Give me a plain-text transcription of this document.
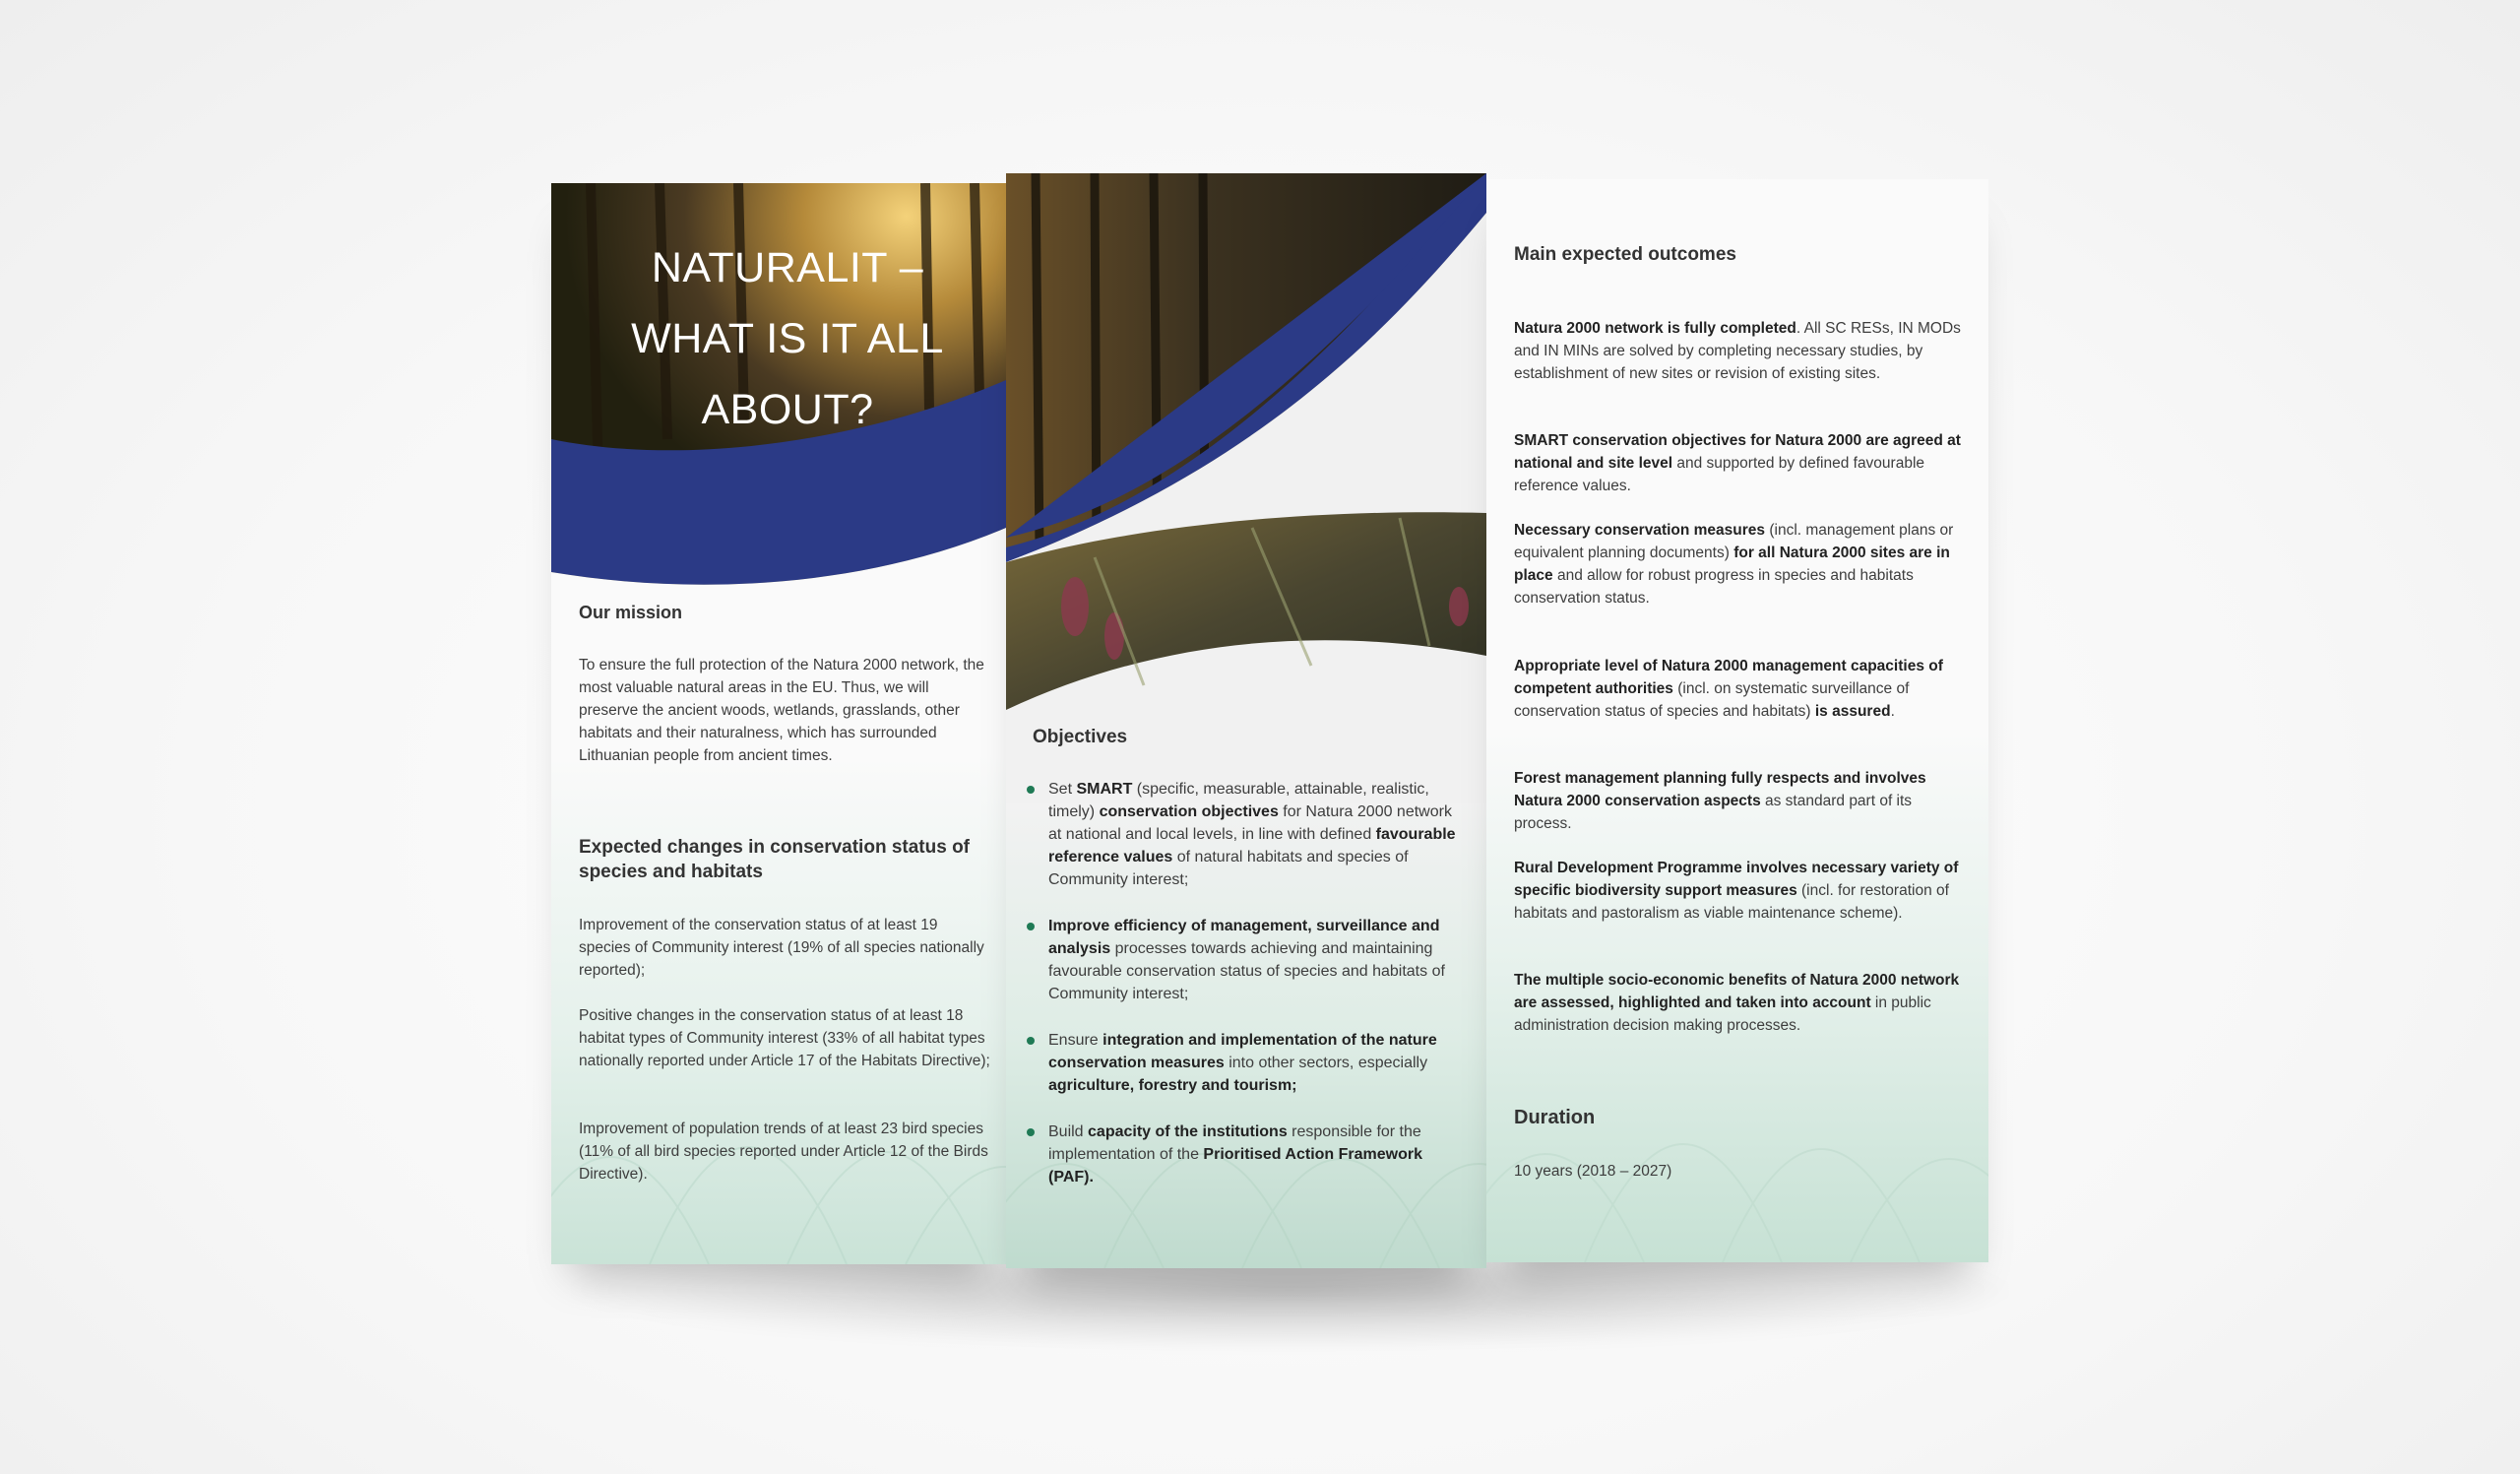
NATURALIT –
WHAT IS IT ALL
ABOUT?
Our mission
To ensure the full protection of the Natura 2000 network, the most valuable natural areas in the EU. Thus, we will preserve the ancient woods, wetlands, grasslands, other habitats and their naturalness, which has surrounded Lithuanian people from ancient times.
Expected changes in conservation status of species and habitats
Improvement of the conservation status of at least 19 species of Community interest (19% of all species nationally reported);
Positive changes in the conservation status of at least 18 habitat types of Community interest (33% of all habitat types nationally reported under Article 17 of the Habitats Directive);
Improvement of population trends of at least 23 bird species (11% of all bird species reported under Article 12 of the Birds Directive).
Objectives
Set SMART (specific, measurable, attainable, realistic, timely) conservation objectives for Natura 2000 network at national and local levels, in line with defined favourable reference values of natural habitats and species of Community interest;
Improve efficiency of management, surveillance and analysis processes towards achieving and maintaining favourable conservation status of species and habitats of Community interest;
Ensure integration and implementation of the nature conservation measures into other sectors, especially agriculture, forestry and tourism;
Build capacity of the institutions responsible for the implementation of the Prioritised Action Framework (PAF).
Main expected outcomes
Natura 2000 network is fully completed. All SC RESs, IN MODs and IN MINs are solved by completing necessary studies, by establishment of new sites or revision of existing sites.
SMART conservation objectives for Natura 2000 are agreed at national and site level and supported by defined favourable reference values.
Necessary conservation measures (incl. management plans or equivalent planning documents) for all Natura 2000 sites are in place and allow for robust progress in species and habitats conservation status.
Appropriate level of Natura 2000 management capacities of competent authorities (incl. on systematic surveillance of conservation status of species and habitats) is assured.
Forest management planning fully respects and involves Natura 2000 conservation aspects as standard part of its process.
Rural Development Programme involves necessary variety of specific biodiversity support measures (incl. for restoration of habitats and pastoralism as viable maintenance scheme).
The multiple socio-economic benefits of Natura 2000 network are assessed, highlighted and taken into account in public administration decision making processes.
Duration
10 years (2018 – 2027)
